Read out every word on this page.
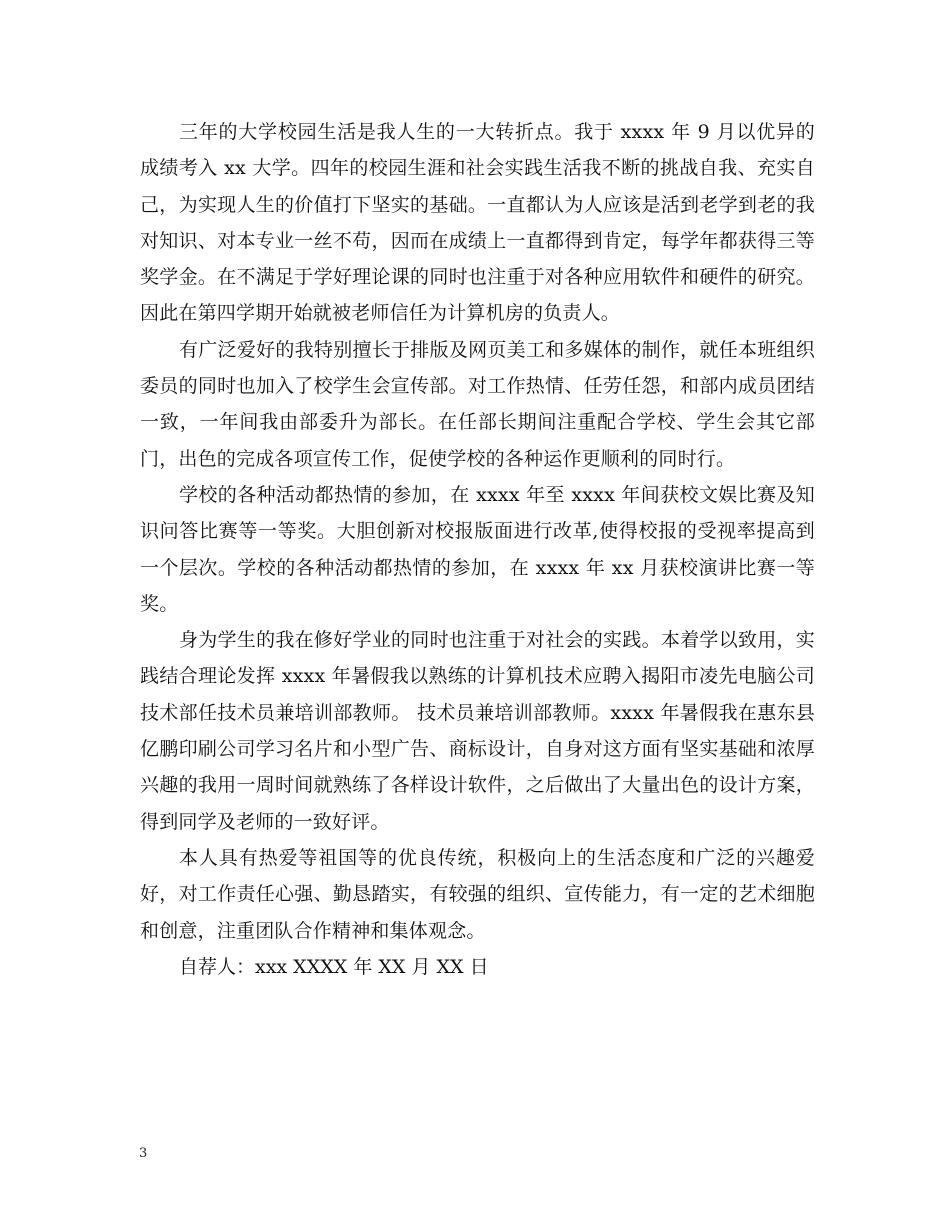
三年的大学校园生活是我人生的一大转折点。我于 xxxx 年 9 月以优异的成绩考入 xx 大学。四年的校园生涯和社会实践生活我不断的挑战自我、充实自己，为实现人生的价值打下坚实的基础。一直都认为人应该是活到老学到老的我对知识、对本专业一丝不苟，因而在成绩上一直都得到肯定，每学年都获得三等奖学金。在不满足于学好理论课的同时也注重于对各种应用软件和硬件的研究。因此在第四学期开始就被老师信任为计算机房的负责人。

有广泛爱好的我特别擅长于排版及网页美工和多媒体的制作，就任本班组织委员的同时也加入了校学生会宣传部。对工作热情、任劳任怨，和部内成员团结一致，一年间我由部委升为部长。在任部长期间注重配合学校、学生会其它部门，出色的完成各项宣传工作，促使学校的各种运作更顺利的同时行。

学校的各种活动都热情的参加，在 xxxx 年至 xxxx 年间获校文娱比赛及知识问答比赛等一等奖。大胆创新对校报版面进行改革,使得校报的受视率提高到一个层次。学校的各种活动都热情的参加，在 xxxx 年 xx 月获校演讲比赛一等奖。

身为学生的我在修好学业的同时也注重于对社会的实践。本着学以致用，实践结合理论发挥 xxxx 年暑假我以熟练的计算机技术应聘入揭阳市凌先电脑公司技术部任技术员兼培训部教师。 技术员兼培训部教师。xxxx 年暑假我在惠东县亿鹏印刷公司学习名片和小型广告、商标设计，自身对这方面有坚实基础和浓厚兴趣的我用一周时间就熟练了各样设计软件，之后做出了大量出色的设计方案，得到同学及老师的一致好评。

本人具有热爱等祖国等的优良传统，积极向上的生活态度和广泛的兴趣爱好，对工作责任心强、勤恳踏实，有较强的组织、宣传能力，有一定的艺术细胞和创意，注重团队合作精神和集体观念。

自荐人：xxx XXXX 年 XX 月 XX 日

3
